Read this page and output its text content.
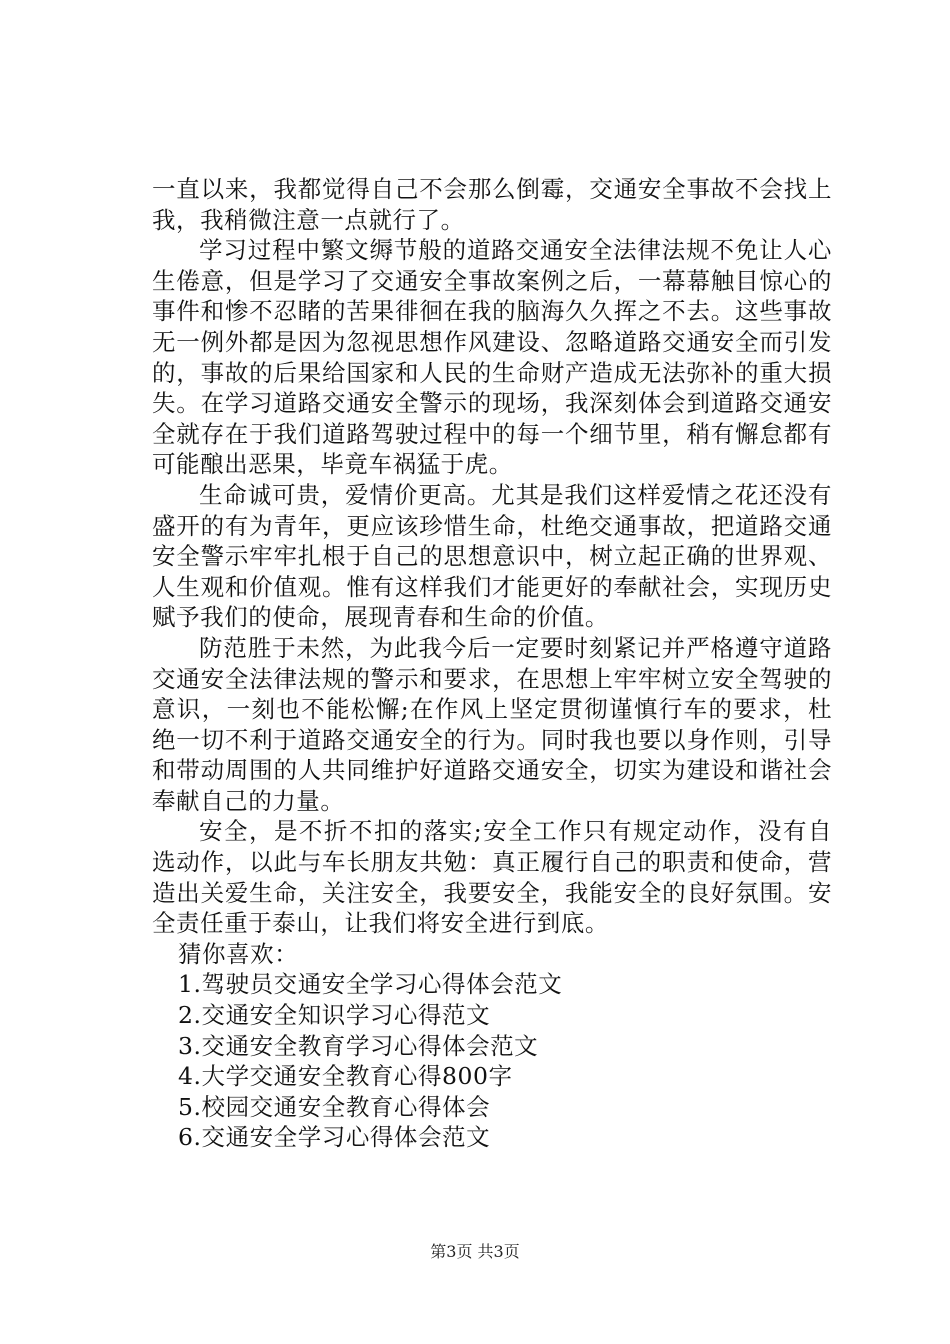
一直以来，我都觉得自己不会那么倒霉，交通安全事故不会找上我，我稍微注意一点就行了。

学习过程中繁文缛节般的道路交通安全法律法规不免让人心生倦意，但是学习了交通安全事故案例之后，一幕幕触目惊心的事件和惨不忍睹的苦果徘徊在我的脑海久久挥之不去。这些事故无一例外都是因为忽视思想作风建设、忽略道路交通安全而引发的，事故的后果给国家和人民的生命财产造成无法弥补的重大损失。在学习道路交通安全警示的现场，我深刻体会到道路交通安全就存在于我们道路驾驶过程中的每一个细节里，稍有懈怠都有可能酿出恶果，毕竟车祸猛于虎。

生命诚可贵，爱情价更高。尤其是我们这样爱情之花还没有盛开的有为青年，更应该珍惜生命，杜绝交通事故，把道路交通安全警示牢牢扎根于自己的思想意识中，树立起正确的世界观、人生观和价值观。惟有这样我们才能更好的奉献社会，实现历史赋予我们的使命，展现青春和生命的价值。

防范胜于未然，为此我今后一定要时刻紧记并严格遵守道路交通安全法律法规的警示和要求，在思想上牢牢树立安全驾驶的意识，一刻也不能松懈;在作风上坚定贯彻谨慎行车的要求，杜绝一切不利于道路交通安全的行为。同时我也要以身作则，引导和带动周围的人共同维护好道路交通安全，切实为建设和谐社会奉献自己的力量。

安全，是不折不扣的落实;安全工作只有规定动作，没有自选动作，以此与车长朋友共勉：真正履行自己的职责和使命，营造出关爱生命，关注安全，我要安全，我能安全的良好氛围。安全责任重于泰山，让我们将安全进行到底。

猜你喜欢：

1.驾驶员交通安全学习心得体会范文
2.交通安全知识学习心得范文
3.交通安全教育学习心得体会范文
4.大学交通安全教育心得800字
5.校园交通安全教育心得体会
6.交通安全学习心得体会范文
第3页 共3页
